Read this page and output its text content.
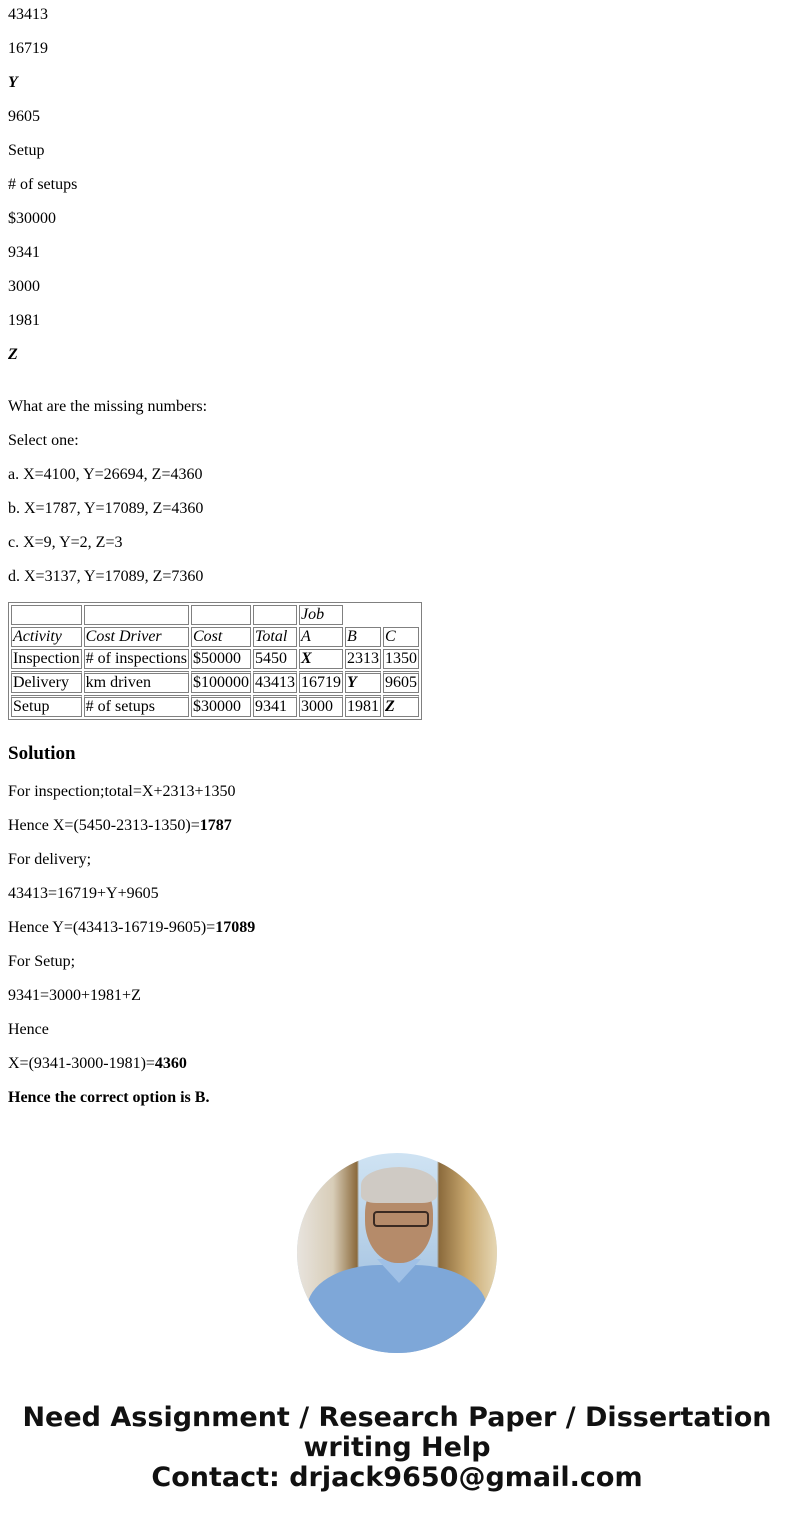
43413
16719
Y
9605
Setup
# of setups
$30000
9341
3000
1981
Z
What are the missing numbers:
Select one:
a. X=4100, Y=26694, Z=4360
b. X=1787, Y=17089, Z=4360
c. X=9, Y=2, Z=3
d. X=3137, Y=17089, Z=7360
				Job		
Activity	Cost Driver	Cost	Total	A	B	C
Inspection	# of inspections	$50000	5450	X	2313	1350
Delivery	km driven	$100000	43413	16719	Y	9605
Setup	# of setups	$30000	9341	3000	1981	Z
Solution
For inspection;total=X+2313+1350
Hence X=(5450-2313-1350)=1787
For delivery;
43413=16719+Y+9605
Hence Y=(43413-16719-9605)=17089
For Setup;
9341=3000+1981+Z
Hence
X=(9341-3000-1981)=4360
Hence the correct option is B.
Need Assignment / Research Paper / Dissertation
writing Help
Contact: drjack9650@gmail.com
